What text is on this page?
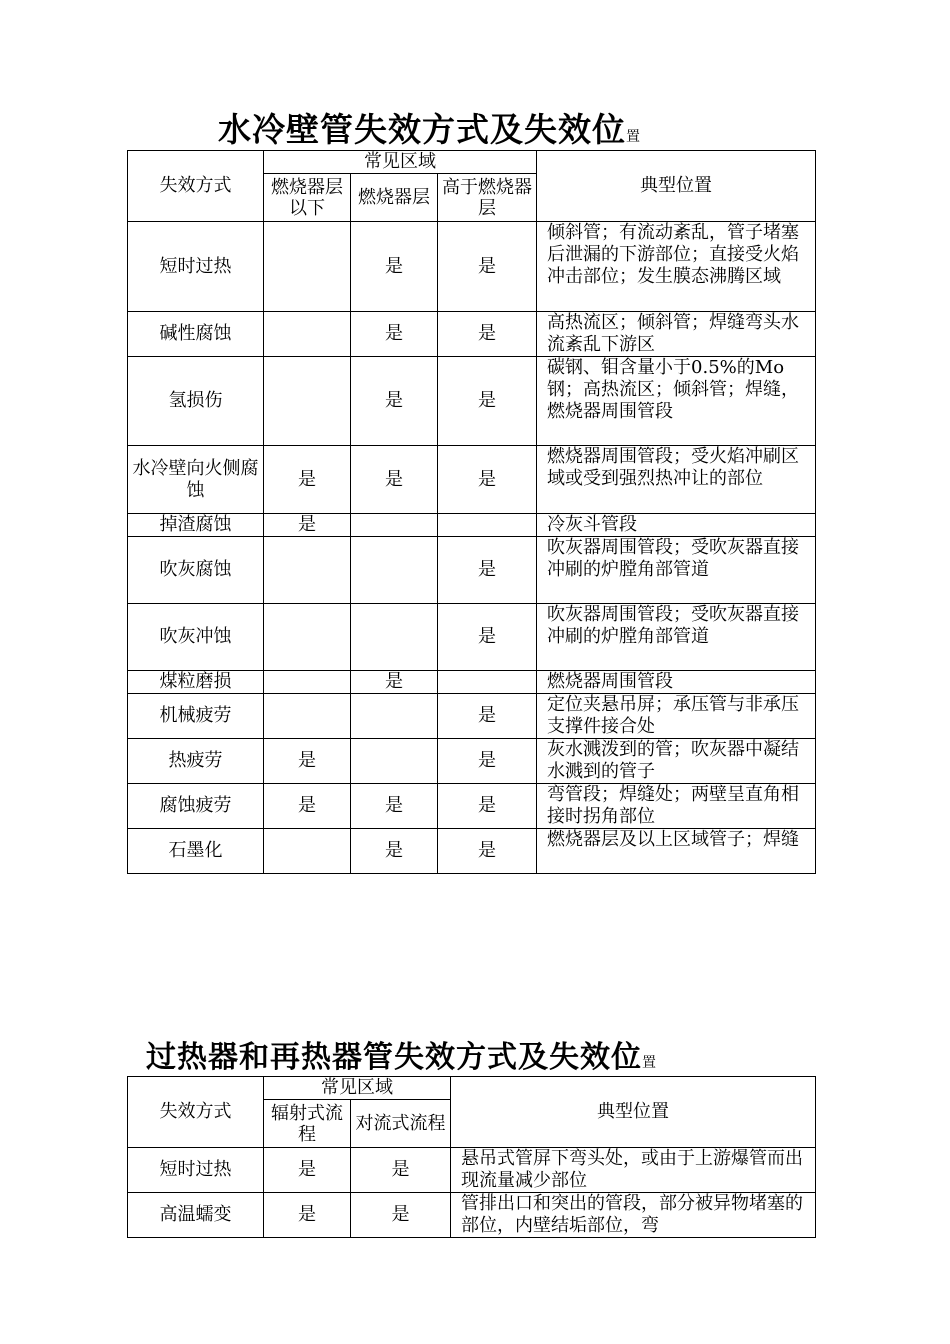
水冷壁管失效方式及失效位置
失效方式	常见区域			典型位置
	燃烧器层以下	燃烧器层	高于燃烧器层	
短时过热		是	是	倾斜管；有流动紊乱，管子堵塞后泄漏的下游部位；直接受火焰冲击部位；发生膜态沸腾区域
碱性腐蚀		是	是	高热流区；倾斜管；焊缝弯头水流紊乱下游区
氢损伤		是	是	碳钢、钼含量小于0.5%的Mo钢；高热流区；倾斜管；焊缝，燃烧器周围管段
水冷壁向火侧腐蚀	是	是	是	燃烧器周围管段；受火焰冲刷区域或受到强烈热冲让的部位
掉渣腐蚀	是			冷灰斗管段
吹灰腐蚀			是	吹灰器周围管段；受吹灰器直接冲刷的炉膛角部管道
吹灰冲蚀			是	吹灰器周围管段；受吹灰器直接冲刷的炉膛角部管道
煤粒磨损		是		燃烧器周围管段
机械疲劳			是	定位夹悬吊屏；承压管与非承压支撑件接合处
热疲劳	是		是	灰水溅泼到的管；吹灰器中凝结水溅到的管子
腐蚀疲劳	是	是	是	弯管段；焊缝处；两壁呈直角相接时拐角部位
石墨化		是	是	燃烧器层及以上区域管子；焊缝
过热器和再热器管失效方式及失效位置
失效方式	常见区域		典型位置
	辐射式流程	对流式流程	
短时过热	是	是	悬吊式管屏下弯头处，或由于上游爆管而出现流量减少部位
高温蠕变	是	是	管排出口和突出的管段，部分被异物堵塞的部位，内壁结垢部位，弯
